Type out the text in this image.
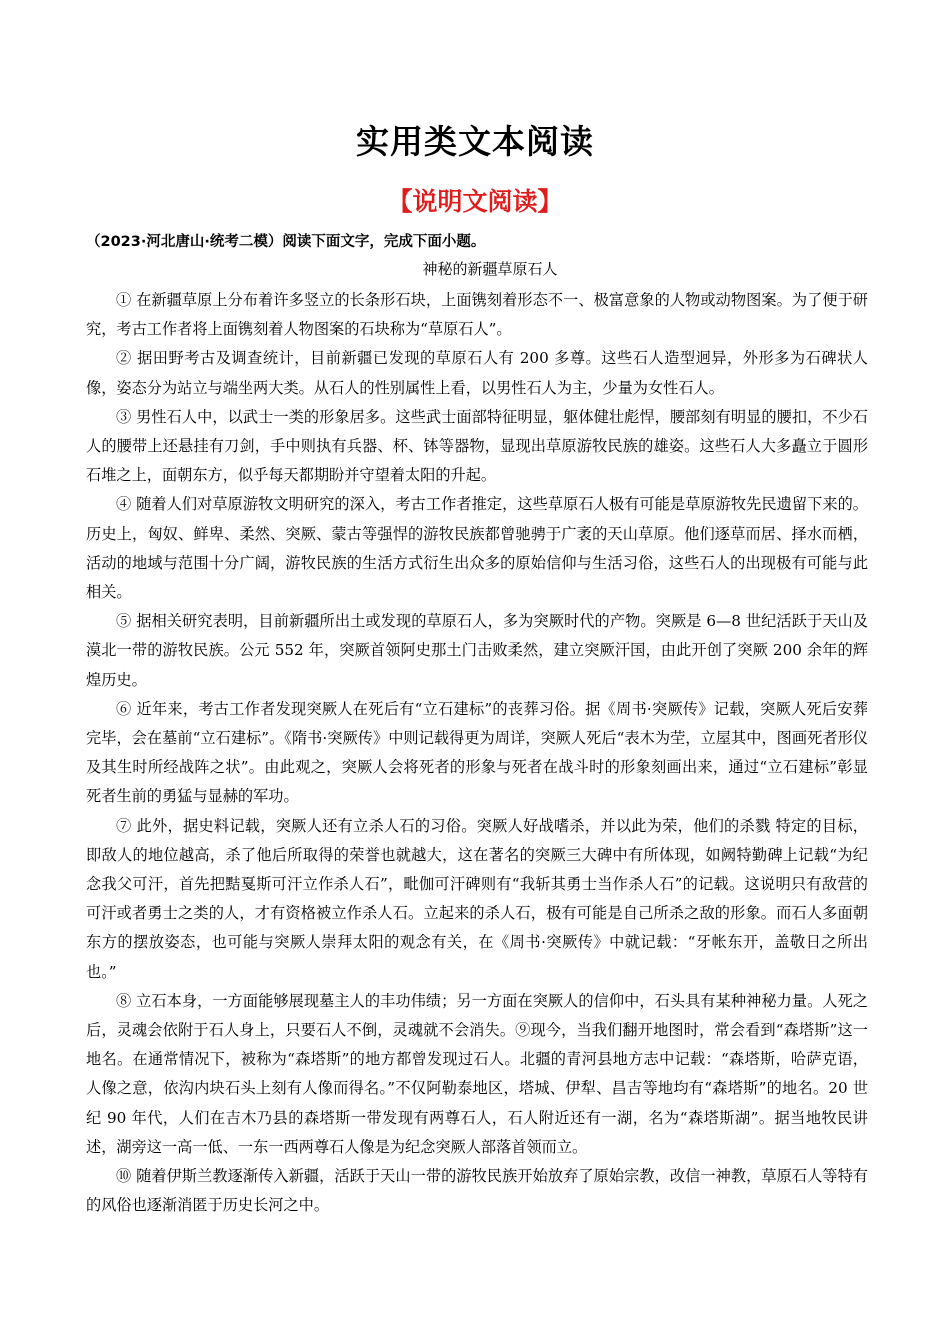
实用类文本阅读
【说明文阅读】
（2023·河北唐山·统考二模）阅读下面文字，完成下面小题。
神秘的新疆草原石人

① 在新疆草原上分布着许多竖立的长条形石块，上面镌刻着形态不一、极富意象的人物或动物图案。为了便于研究，考古工作者将上面镌刻着人物图案的石块称为“草原石人”。

② 据田野考古及调查统计，目前新疆已发现的草原石人有 200 多尊。这些石人造型迥异，外形多为石碑状人像，姿态分为站立与端坐两大类。从石人的性别属性上看，以男性石人为主，少量为女性石人。

③ 男性石人中，以武士一类的形象居多。这些武士面部特征明显，躯体健壮彪悍，腰部刻有明显的腰扣，不少石人的腰带上还悬挂有刀剑，手中则执有兵器、杯、钵等器物，显现出草原游牧民族的雄姿。这些石人大多矗立于圆形石堆之上，面朝东方，似乎每天都期盼并守望着太阳的升起。

④ 随着人们对草原游牧文明研究的深入，考古工作者推定，这些草原石人极有可能是草原游牧先民遗留下来的。历史上，匈奴、鲜卑、柔然、突厥、蒙古等强悍的游牧民族都曾驰骋于广袤的天山草原。他们逐草而居、择水而栖，活动的地域与范围十分广阔，游牧民族的生活方式衍生出众多的原始信仰与生活习俗，这些石人的出现极有可能与此相关。

⑤ 据相关研究表明，目前新疆所出土或发现的草原石人，多为突厥时代的产物。突厥是 6—8 世纪活跃于天山及漠北一带的游牧民族。公元 552 年，突厥首领阿史那土门击败柔然，建立突厥汗国，由此开创了突厥 200 余年的辉煌历史。

⑥ 近年来，考古工作者发现突厥人在死后有“立石建标”的丧葬习俗。据《周书·突厥传》记载，突厥人死后安葬完毕，会在墓前“立石建标”。《隋书·突厥传》中则记载得更为周详，突厥人死后“表木为茔，立屋其中，图画死者形仪及其生时所经战阵之状”。由此观之，突厥人会将死者的形象与死者在战斗时的形象刻画出来，通过“立石建标”彰显死者生前的勇猛与显赫的军功。

⑦ 此外，据史料记载，突厥人还有立杀人石的习俗。突厥人好战嗜杀，并以此为荣，他们的杀戮 特定的目标，即敌人的地位越高，杀了他后所取得的荣誉也就越大，这在著名的突厥三大碑中有所体现，如阙特勤碑上记载“为纪念我父可汗，首先把黠戛斯可汗立作杀人石”，毗伽可汗碑则有“我斩其勇士当作杀人石”的记载。这说明只有敌营的可汗或者勇士之类的人，才有资格被立作杀人石。立起来的杀人石，极有可能是自己所杀之敌的形象。而石人多面朝东方的摆放姿态，也可能与突厥人崇拜太阳的观念有关，在《周书·突厥传》中就记载：“牙帐东开，盖敬日之所出也。”

⑧ 立石本身，一方面能够展现墓主人的丰功伟绩；另一方面在突厥人的信仰中，石头具有某种神秘力量。人死之后，灵魂会依附于石人身上，只要石人不倒，灵魂就不会消失。⑨现今，当我们翻开地图时，常会看到“森塔斯”这一地名。在通常情况下，被称为“森塔斯”的地方都曾发现过石人。北疆的青河县地方志中记载：“森塔斯，哈萨克语，人像之意，依沟内块石头上刻有人像而得名。”不仅阿勒泰地区，塔城、伊犁、昌吉等地均有“森塔斯”的地名。20 世纪 90 年代，人们在吉木乃县的森塔斯一带发现有两尊石人，石人附近还有一湖，名为“森塔斯湖”。据当地牧民讲述，湖旁这一高一低、一东一西两尊石人像是为纪念突厥人部落首领而立。

⑩ 随着伊斯兰教逐渐传入新疆，活跃于天山一带的游牧民族开始放弃了原始宗教，改信一神教，草原石人等特有的风俗也逐渐消匿于历史长河之中。
